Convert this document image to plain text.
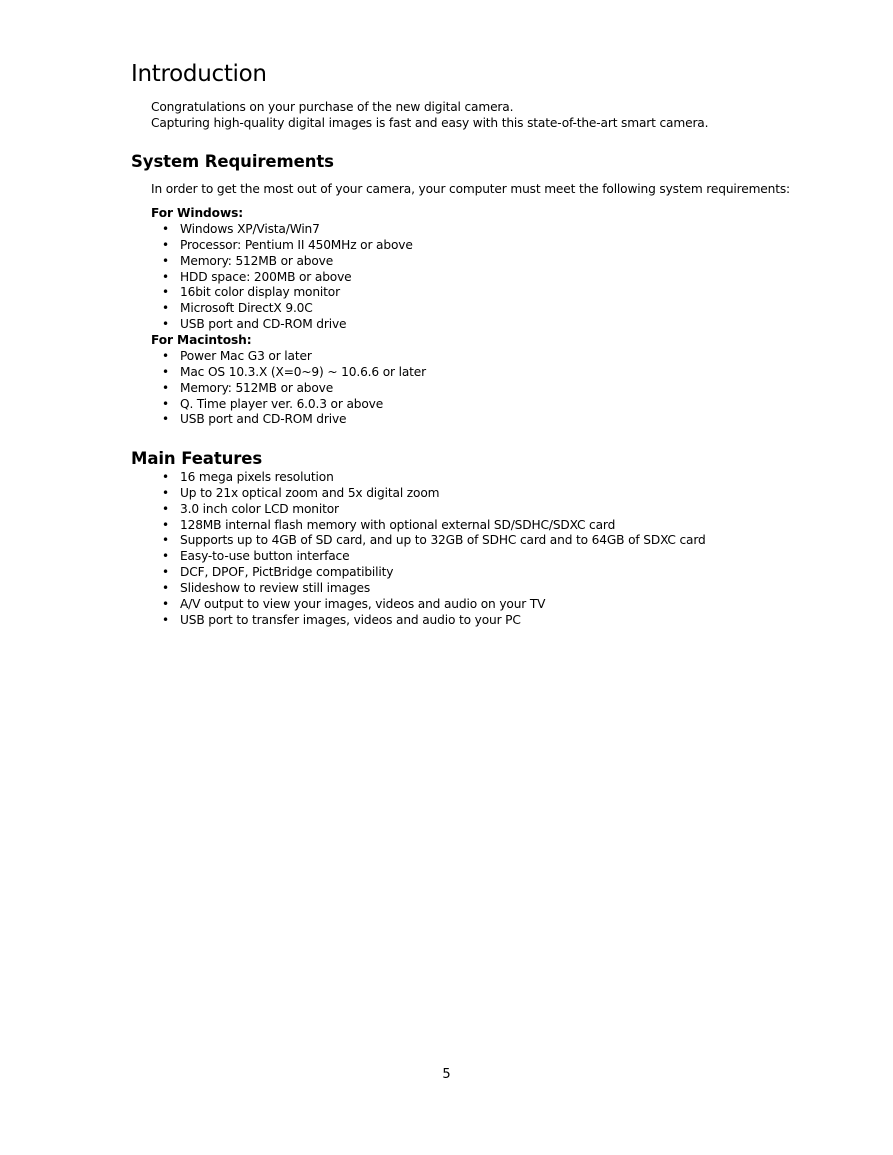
Introduction

Congratulations on your purchase of the new digital camera.

Capturing high-quality digital images is fast and easy with this state-of-the-art smart camera.

System Requirements

In order to get the most out of your camera, your computer must meet the following system requirements:

For Windows:

• Windows XP/Vista/Win7
• Processor: Pentium II 450MHz or above
• Memory: 512MB or above
• HDD space: 200MB or above
• 16bit color display monitor
• Microsoft DirectX 9.0C
• USB port and CD-ROM drive

For Macintosh:

• Power Mac G3 or later
• Mac OS 10.3.X (X=0~9) ~ 10.6.6 or later
• Memory: 512MB or above
• Q. Time player ver. 6.0.3 or above
• USB port and CD-ROM drive
Main Features
• 16 mega pixels resolution
• Up to 21x optical zoom and 5x digital zoom
• 3.0 inch color LCD monitor
• 128MB internal flash memory with optional external SD/SDHC/SDXC card
• Supports up to 4GB of SD card, and up to 32GB of SDHC card and to 64GB of SDXC card
• Easy-to-use button interface
• DCF, DPOF, PictBridge compatibility
• Slideshow to review still images
• A/V output to view your images, videos and audio on your TV
• USB port to transfer images, videos and audio to your PC

5
